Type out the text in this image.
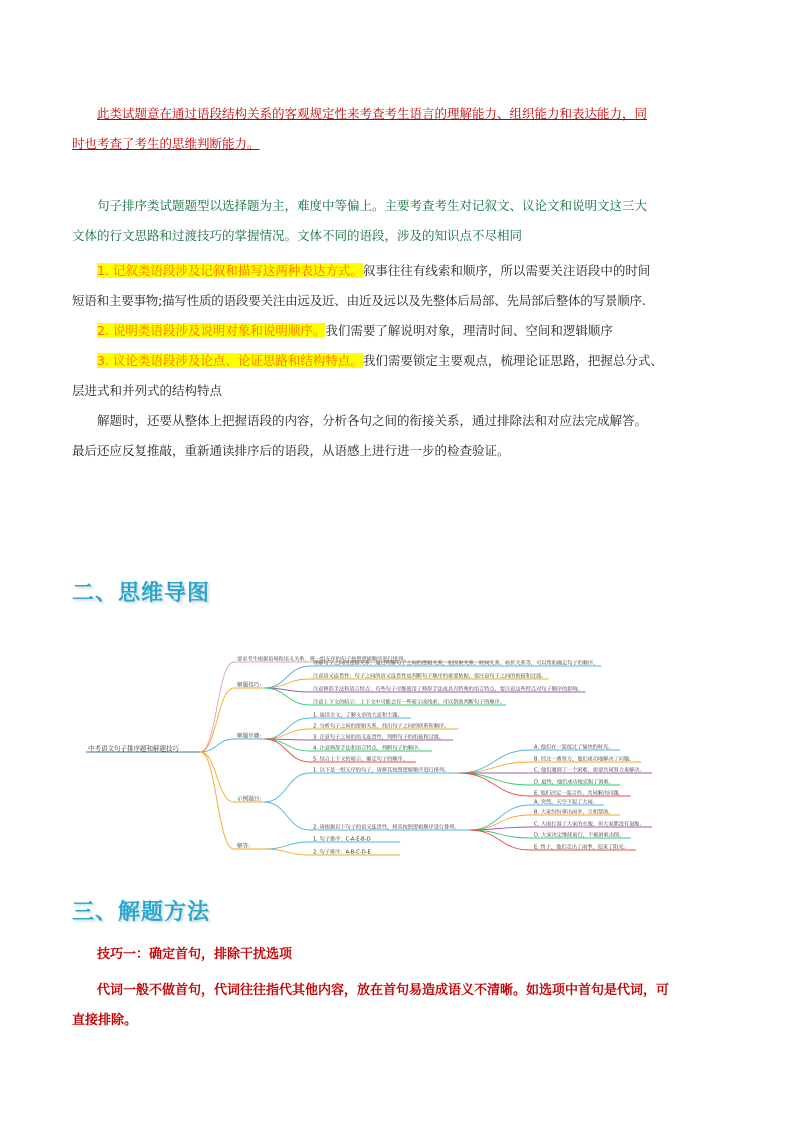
此类试题意在通过语段结构关系的客观规定性来考查考生语言的理解能力、组织能力和表达能力，同
时也考查了考生的思维判断能力。
句子排序类试题题型以选择题为主，难度中等偏上。主要考查考生对记叙文、议论文和说明文这三大
文体的行文思路和过渡技巧的掌握情况。文体不同的语段，涉及的知识点不尽相同
1. 记叙类语段涉及记叙和描写这两种表达方式。叙事往往有线索和顺序，所以需要关注语段中的时间
短语和主要事物;描写性质的语段要关注由远及近、由近及远以及先整体后局部、先局部后整体的写景顺序.
2. 说明类语段涉及说明对象和说明顺序。我们需要了解说明对象，理清时间、空间和逻辑顺序
3. 议论类语段涉及论点、论证思路和结构特点。我们需要锁定主要观点，梳理论证思路，把握总分式、
层进式和并列式的结构特点
解题时，还要从整体上把握语段的内容，分析各句之间的衔接关系，通过排除法和对应法完成解答。
最后还应反复推敲，重新通读排序后的语段，从语感上进行进一步的检查验证。
二、思维导图
中考语文句子排序题和解题技巧
要求考生根据语境和语义关系，将一组无序的句子按照逻辑顺序进行排列。
解题技巧:
理解句子之间的逻辑关系：通过理解句子之间的逻辑关系，如因果关系、时间关系、转折关系等，可以帮助确定句子的顺序。
注意语义连贯性：句子之间的语义连贯性是判断句子顺序的重要依据，要注意句子之间的衔接和过渡。
注意修辞手法和语言特点：有些句子可能使用了修辞手法或具有特殊的语言特点，要注意这些特点对句子顺序的影响。
注意上下文的暗示：上下文中可能会有一些暗示或线索，可以帮助判断句子的顺序。
解题步骤:
1. 通读全文，了解文章的大意和主题。
2. 分析句子之间的逻辑关系，找出句子之间的联系和顺序。
3. 注意句子之间的语义连贯性，判断句子的衔接和过渡。
4. 注意修辞手法和语言特点，判断句子的顺序。
5. 结合上下文的暗示，确定句子的顺序。
示例题目:
1. 以下是一组无序的句子，请将其按照逻辑顺序进行排列。
A. 他们在一起度过了愉快的时光。
B. 经过一番努力，他们成功地解决了问题。
C. 他们遇到了一个困难，需要共同努力来解决。
D. 最终，他们成功地克服了困难。
E. 他们决定一起合作，共同解决问题。
2. 请根据以下句子的语义连贯性，将其按照逻辑顺序进行排列。
A. 突然，天空下起了大雨。
B. 大家纷纷拿出雨伞，互相帮助。
C. 大雨打湿了大家的衣服，但大家都没有退缩。
D. 大家决定继续前行，不被困难击倒。
E. 终于，他们走出了雨季，迎来了阳光。
解答:
1. 句子排序：C-A-E-B-D
2. 句子排序：A-B-C-D-E
三、解题方法
技巧一：确定首句，排除干扰选项
代词一般不做首句，代词往往指代其他内容，放在首句易造成语义不清晰。如选项中首句是代词，可
直接排除。
